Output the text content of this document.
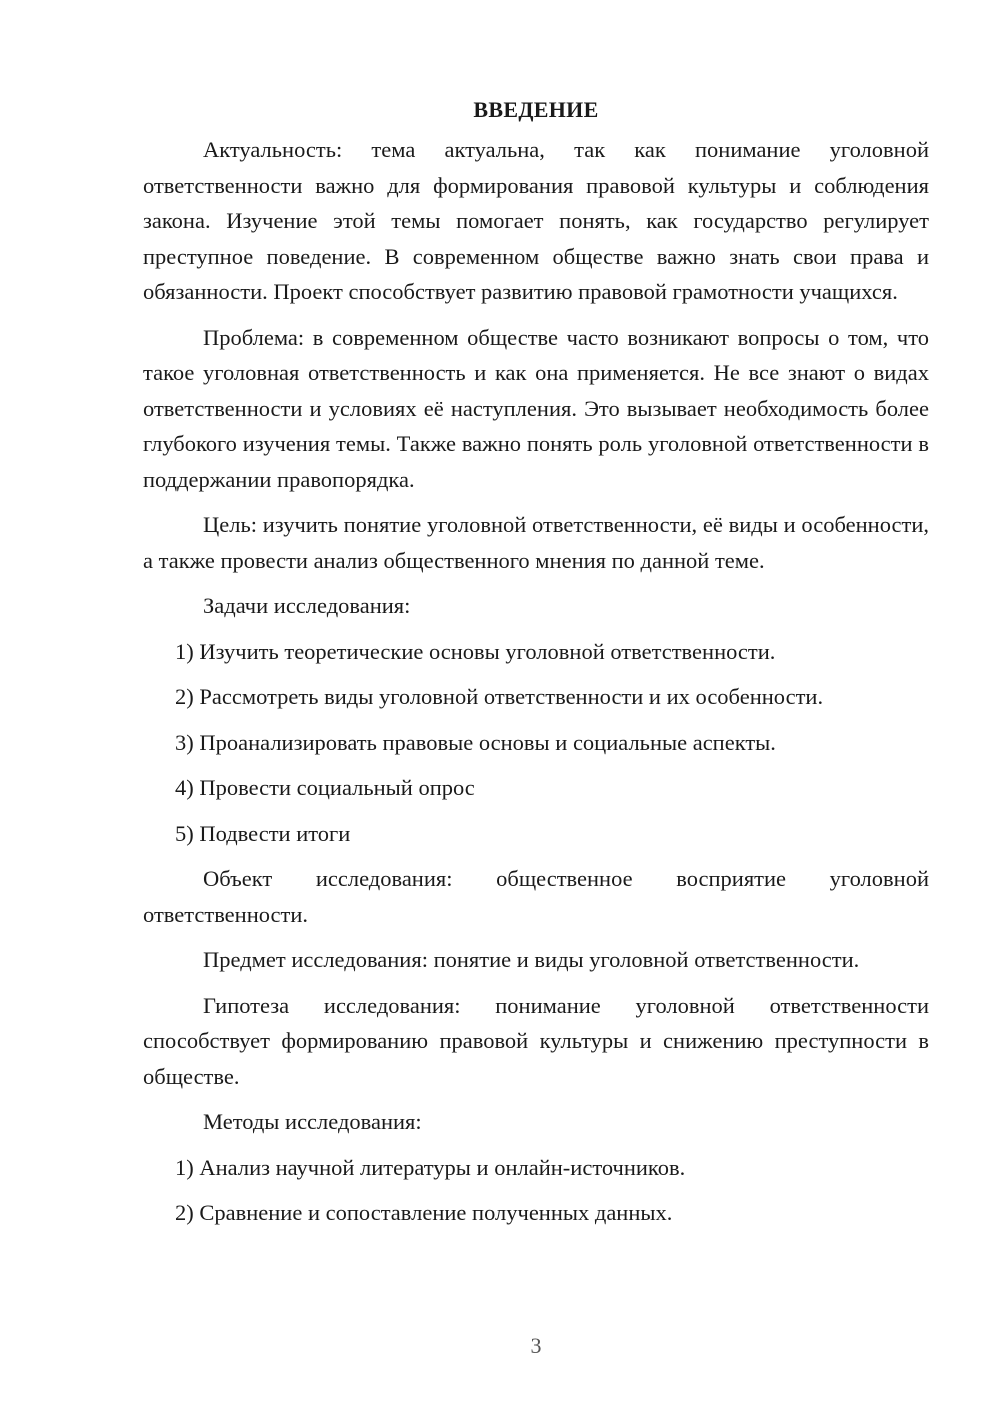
ВВЕДЕНИЕ

Актуальность: тема актуальна, так как понимание уголовной ответственности важно для формирования правовой культуры и соблюдения закона. Изучение этой темы помогает понять, как государство регулирует преступное поведение. В современном обществе важно знать свои права и обязанности. Проект способствует развитию правовой грамотности учащихся.

Проблема: в современном обществе часто возникают вопросы о том, что такое уголовная ответственность и как она применяется. Не все знают о видах ответственности и условиях её наступления. Это вызывает необходимость более глубокого изучения темы. Также важно понять роль уголовной ответственности в поддержании правопорядка.

Цель: изучить понятие уголовной ответственности, её виды и особенности, а также провести анализ общественного мнения по данной теме.

Задачи исследования:
1) Изучить теоретические основы уголовной ответственности.
2) Рассмотреть виды уголовной ответственности и их особенности.
3) Проанализировать правовые основы и социальные аспекты.
4) Провести социальный опрос
5) Подвести итоги

Объект исследования: общественное восприятие уголовной ответственности.

Предмет исследования: понятие и виды уголовной ответственности.

Гипотеза исследования: понимание уголовной ответственности способствует формированию правовой культуры и снижению преступности в обществе.

Методы исследования:
1) Анализ научной литературы и онлайн-источников.
2) Сравнение и сопоставление полученных данных.
3
